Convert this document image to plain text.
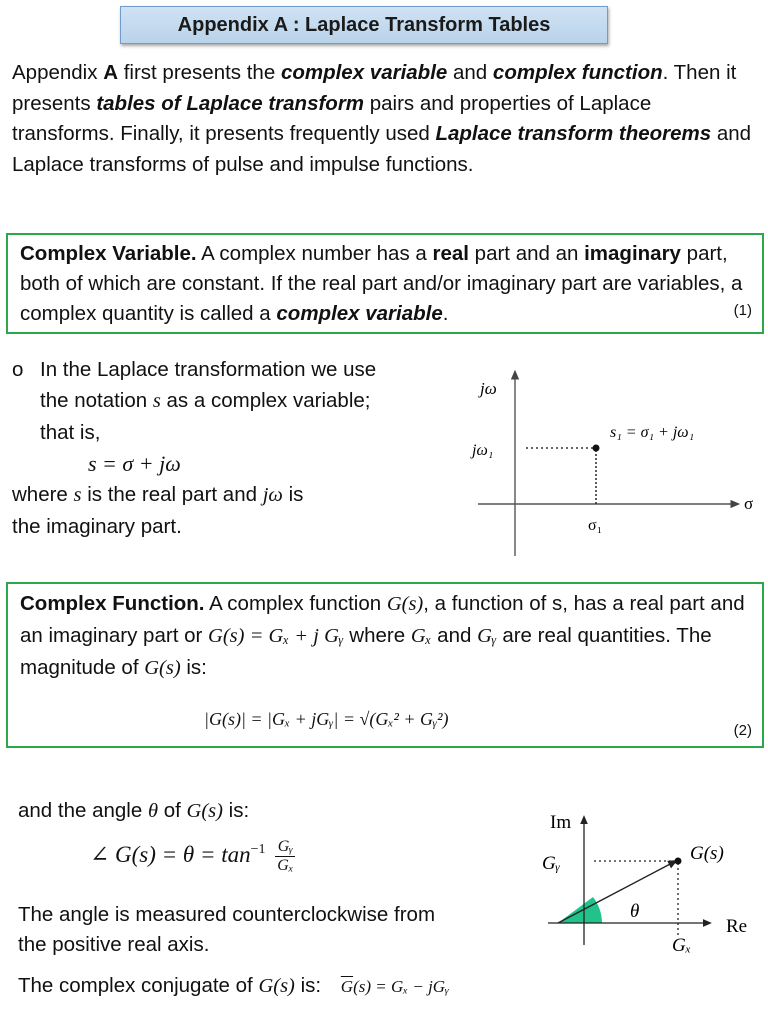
Appendix A : Laplace Transform Tables
Appendix A first presents the complex variable and complex function. Then it presents tables of Laplace transform pairs and properties of Laplace transforms. Finally, it presents frequently used Laplace transform theorems and Laplace transforms of pulse and impulse functions.
Complex Variable. A complex number has a real part and an imaginary part, both of which are constant. If the real part and/or imaginary part are variables, a complex quantity is called a complex variable.	(1)
o In the Laplace transformation we use
the notation s as a complex variable;
that is,
s = σ + jω
where s is the real part and jω is
the imaginary part.
jω
σ
s₁ = σ₁ + jω₁
jω₁
σ₁
Complex Function. A complex function G(s), a function of s, has a real part and an imaginary part or G(s) = Gₓ + j Gᵧ where Gₓ and Gᵧ are real quantities. The magnitude of G(s) is:
|G(s)| = |Gₓ + jGᵧ| = √(Gₓ² + Gᵧ²)
(2)
and the angle θ of G(s) is:
∠ $G(s) = \theta = \tan^{-1} \frac{\text{Gᵧ}}{\text{Gₓ}}$
The angle is measured counterclockwise from
the positive real axis.
The complex conjugate of G(s) is: $\overline{G}(s) = G_x$ − jGᵧ
Im
Re
G(s)
Gᵧ
Gₓ
θ
